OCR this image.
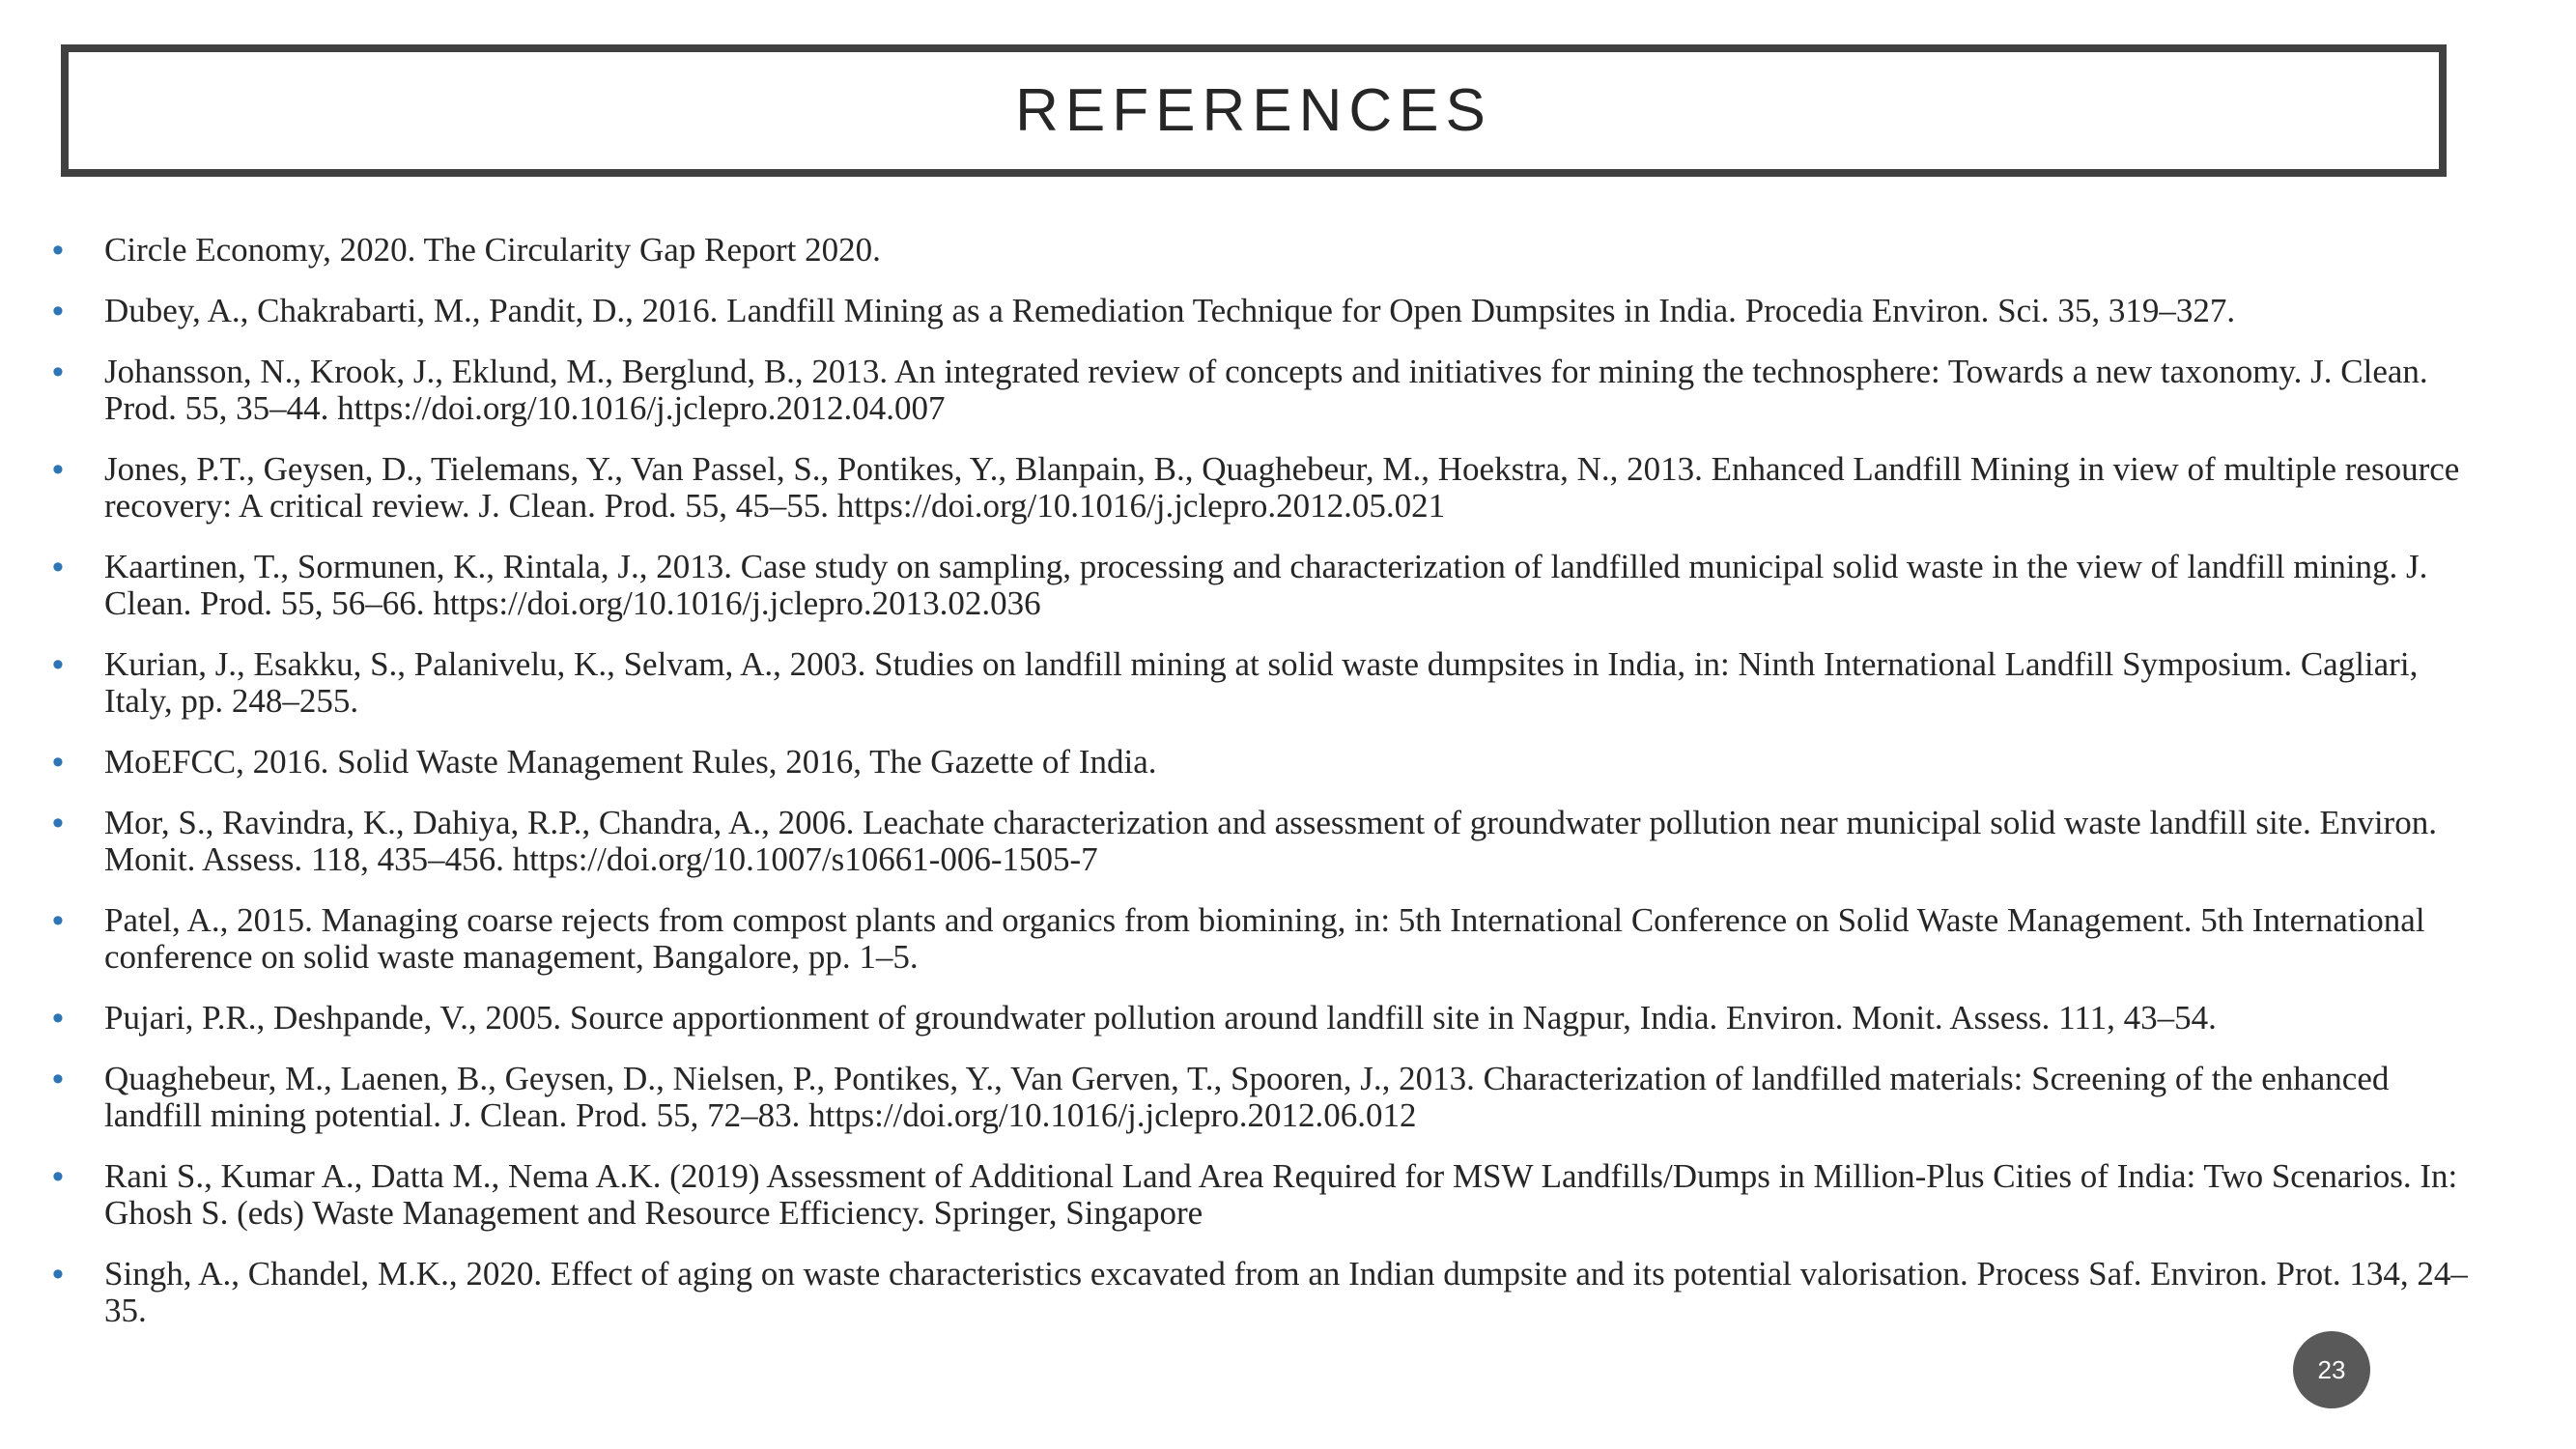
REFERENCES
• Circle Economy, 2020. The Circularity Gap Report 2020.
• Dubey, A., Chakrabarti, M., Pandit, D., 2016. Landfill Mining as a Remediation Technique for Open Dumpsites in India. Procedia Environ. Sci. 35, 319–327.
• Johansson, N., Krook, J., Eklund, M., Berglund, B., 2013. An integrated review of concepts and initiatives for mining the technosphere: Towards a new taxonomy. J. Clean. Prod. 55, 35–44. https://doi.org/10.1016/j.jclepro.2012.04.007
• Jones, P.T., Geysen, D., Tielemans, Y., Van Passel, S., Pontikes, Y., Blanpain, B., Quaghebeur, M., Hoekstra, N., 2013. Enhanced Landfill Mining in view of multiple resource recovery: A critical review. J. Clean. Prod. 55, 45–55. https://doi.org/10.1016/j.jclepro.2012.05.021
• Kaartinen, T., Sormunen, K., Rintala, J., 2013. Case study on sampling, processing and characterization of landfilled municipal solid waste in the view of landfill mining. J. Clean. Prod. 55, 56–66. https://doi.org/10.1016/j.jclepro.2013.02.036
• Kurian, J., Esakku, S., Palanivelu, K., Selvam, A., 2003. Studies on landfill mining at solid waste dumpsites in India, in: Ninth International Landfill Symposium. Cagliari, Italy, pp. 248–255.
• MoEFCC, 2016. Solid Waste Management Rules, 2016, The Gazette of India.
• Mor, S., Ravindra, K., Dahiya, R.P., Chandra, A., 2006. Leachate characterization and assessment of groundwater pollution near municipal solid waste landfill site. Environ. Monit. Assess. 118, 435–456. https://doi.org/10.1007/s10661-006-1505-7
• Patel, A., 2015. Managing coarse rejects from compost plants and organics from biomining, in: 5th International Conference on Solid Waste Management. 5th International conference on solid waste management, Bangalore, pp. 1–5.
• Pujari, P.R., Deshpande, V., 2005. Source apportionment of groundwater pollution around landfill site in Nagpur, India. Environ. Monit. Assess. 111, 43–54.
• Quaghebeur, M., Laenen, B., Geysen, D., Nielsen, P., Pontikes, Y., Van Gerven, T., Spooren, J., 2013. Characterization of landfilled materials: Screening of the enhanced landfill mining potential. J. Clean. Prod. 55, 72–83. https://doi.org/10.1016/j.jclepro.2012.06.012
• Rani S., Kumar A., Datta M., Nema A.K. (2019) Assessment of Additional Land Area Required for MSW Landfills/Dumps in Million-Plus Cities of India: Two Scenarios. In: Ghosh S. (eds) Waste Management and Resource Efficiency. Springer, Singapore
• Singh, A., Chandel, M.K., 2020. Effect of aging on waste characteristics excavated from an Indian dumpsite and its potential valorisation. Process Saf. Environ. Prot. 134, 24–35.
23
